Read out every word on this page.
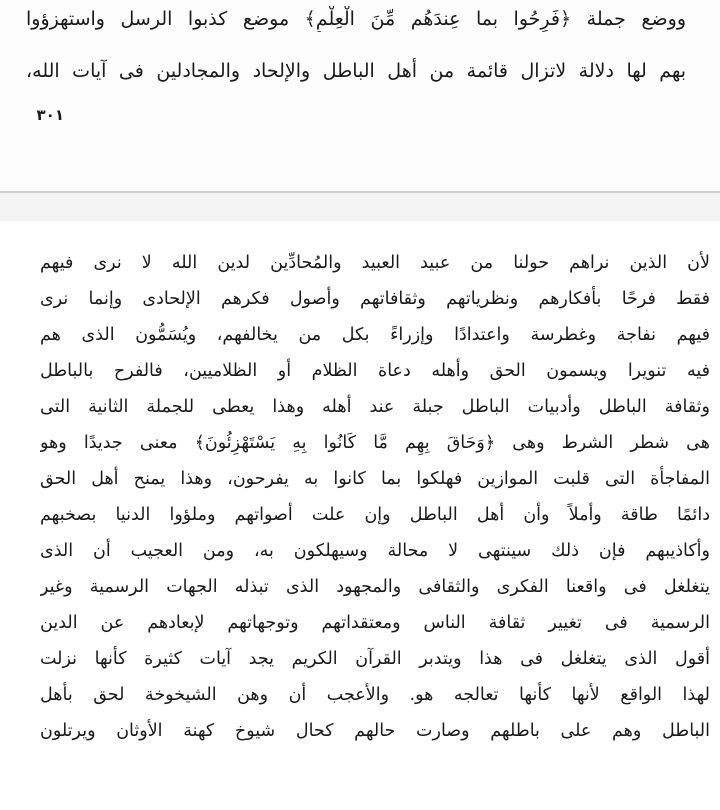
ووضع جملة ﴿فَرِحُوا بما عِندَهُم مِّنَ الْعِلْمِ﴾ موضع كذبوا الرسل واستهزؤوا
بهم لها دلالة لاتزال قائمة من أهل الباطل والإلحاد والمجادلين فى آيات الله،
٣٠١
لأن الذين نراهم حولنا من عبيد العبيد والمُحادِّين لدين الله لا نرى فيهم
فقط فرحًا بأفكارهم ونظرياتهم وثقافاتهم وأصول فكرهم الإلحادى وإنما نرى
فيهم نفاجة وغطرسة واعتدادًا وإزراءً بكل من يخالفهم، ويُسَمُّون الذى هم
فيه تنويرا ويسمون الحق وأهله دعاة الظلام أو الظلاميين، فالفرح بالباطل
وثقافة الباطل وأدبيات الباطل جبلة عند أهله وهذا يعطى للجملة الثانية التى
هى شطر الشرط وهى ﴿وَحَاقَ بِهِم مَّا كَانُوا بِهِ يَسْتَهْزِئُونَ﴾ معنى جديدًا وهو
المفاجأة التى قلبت الموازين فهلكوا بما كانوا به يفرحون، وهذا يمنح أهل الحق
دائمًا طاقة وأملاً وأن أهل الباطل وإن علت أصواتهم وملؤوا الدنيا بصخبهم
وأكاذيبهم فإن ذلك سينتهى لا محالة وسيهلكون به، ومن العجيب أن الذى
يتغلغل فى واقعنا الفكرى والثقافى والمجهود الذى تبذله الجهات الرسمية وغير
الرسمية فى تغيير ثقافة الناس ومعتقداتهم وتوجهاتهم لإبعادهم عن الدين
أقول الذى يتغلغل فى هذا ويتدبر القرآن الكريم يجد آيات كثيرة كأنها نزلت
لهذا الواقع لأنها كأنها تعالجه هو. والأعجب أن وهن الشيخوخة لحق بأهل
الباطل وهم على باطلهم وصارت حالهم كحال شيوخ كهنة الأوثان ويرتلون
